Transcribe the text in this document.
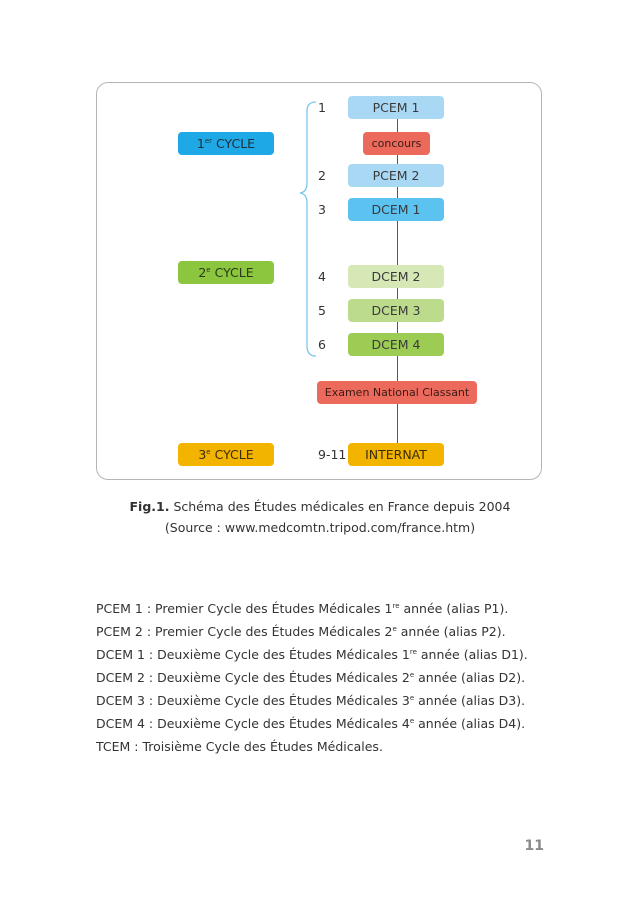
1er CYCLE
2e CYCLE
3e CYCLE
1
2
3
4
5
6
9-11
PCEM 1
concours
PCEM 2
DCEM 1
DCEM 2
DCEM 3
DCEM 4
Examen National Classant
INTERNAT
Fig.1. Schéma des Études médicales en France depuis 2004
(Source : www.medcomtn.tripod.com/france.htm)
PCEM 1 : Premier Cycle des Études Médicales 1re année (alias P1).
PCEM 2 : Premier Cycle des Études Médicales 2e année (alias P2).
DCEM 1 : Deuxième Cycle des Études Médicales 1re année (alias D1).
DCEM 2 : Deuxième Cycle des Études Médicales 2e année (alias D2).
DCEM 3 : Deuxième Cycle des Études Médicales 3e année (alias D3).
DCEM 4 : Deuxième Cycle des Études Médicales 4e année (alias D4).
TCEM : Troisième Cycle des Études Médicales.
11
